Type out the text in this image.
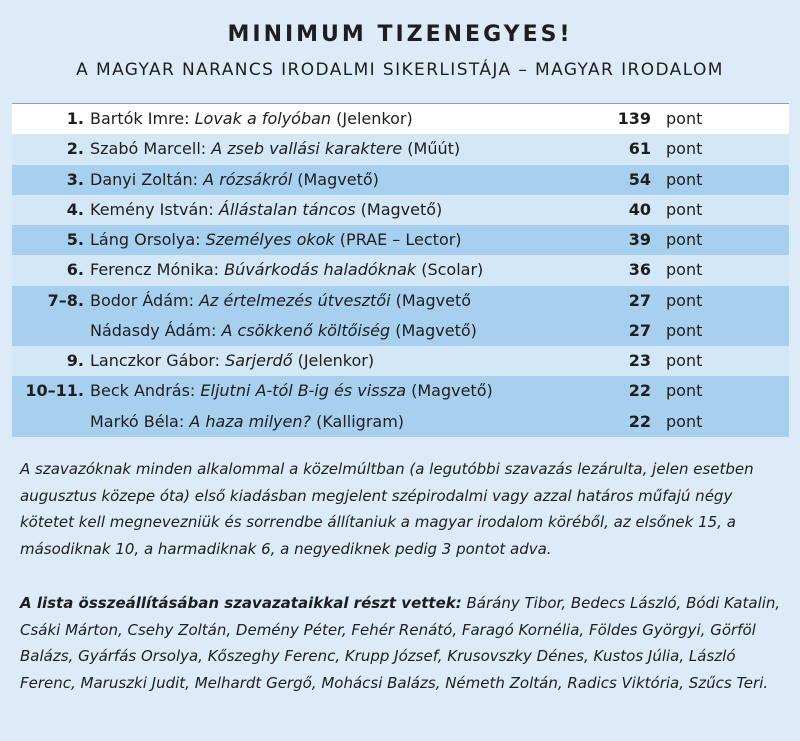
MINIMUM TIZENEGYES!
A MAGYAR NARANCS IRODALMI SIKERLISTÁJA – MAGYAR IRODALOM
1. Bartók Imre: Lovak a folyóban (Jelenkor)	139 pont
2. Szabó Marcell: A zseb vallási karaktere (Műút)	61 pont
3. Danyi Zoltán: A rózsákról (Magvető)	54 pont
4. Kemény István: Állástalan táncos (Magvető)	40 pont
5. Láng Orsolya: Személyes okok (PRAE – Lector)	39 pont
6. Ferencz Mónika: Búvárkodás haladóknak (Scolar)	36 pont
7–8. Bodor Ádám: Az értelmezés útvesztői (Magvető	27 pont
Nádasdy Ádám: A csökkenő költőiség (Magvető)	27 pont
9. Lanczkor Gábor: Sarjerdő (Jelenkor)	23 pont
10–11. Beck András: Eljutni A-tól B-ig és vissza (Magvető)	22 pont
Markó Béla: A haza milyen? (Kalligram)	22 pont
A szavazóknak minden alkalommal a közelmúltban (a legutóbbi szavazás lezárulta, jelen esetben augusztus közepe óta) első kiadásban megjelent szépirodalmi vagy azzal határos műfajú négy kötetet kell megnevezniük és sorrendbe állítaniuk a magyar irodalom köréből, az elsőnek 15, a másodiknak 10, a harmadiknak 6, a negyediknek pedig 3 pontot adva.
A lista összeállításában szavazataikkal részt vettek: Bárány Tibor, Bedecs László, Bódi Katalin, Csáki Márton, Csehy Zoltán, Demény Péter, Fehér Renátó, Faragó Kornélia, Földes Györgyi, Görföl Balázs, Gyárfás Orsolya, Kőszeghy Ferenc, Krupp József, Krusovszky Dénes, Kustos Júlia, László Ferenc, Maruszki Judit, Melhardt Gergő, Mohácsi Balázs, Németh Zoltán, Radics Viktória, Szűcs Teri.
